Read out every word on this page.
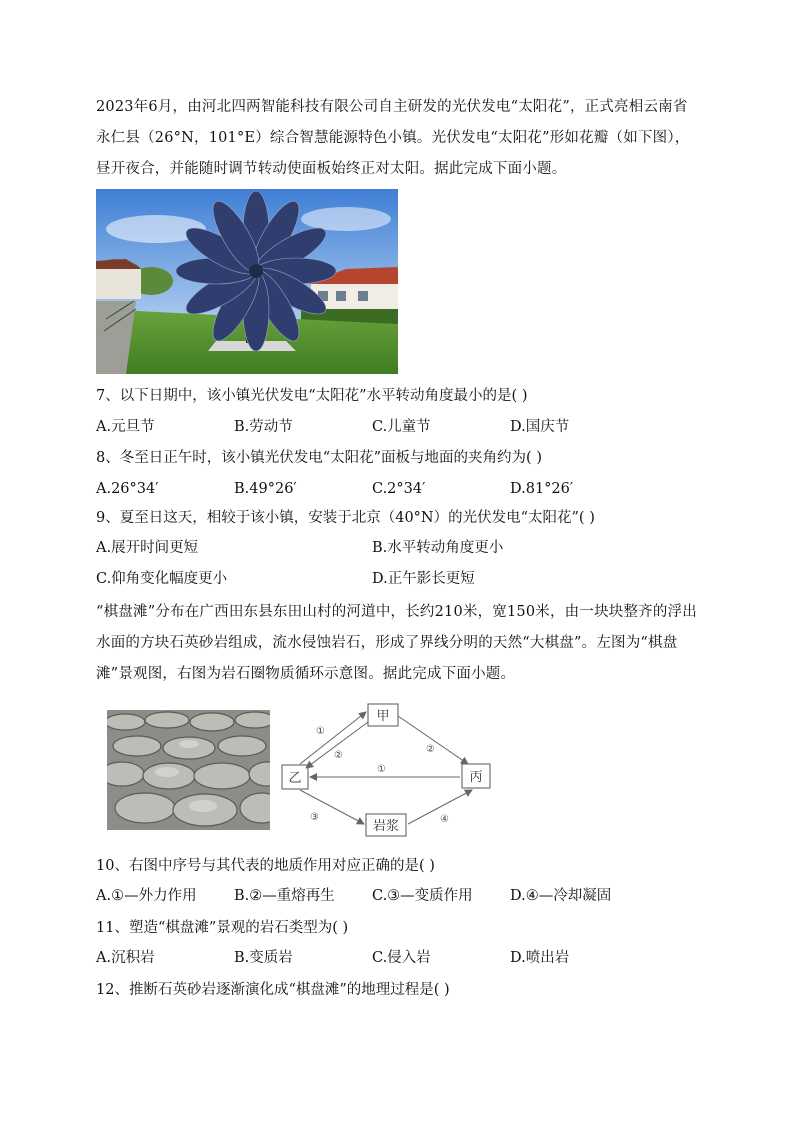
2023年6月，由河北四两智能科技有限公司自主研发的光伏发电“太阳花”，正式亮相云南省永仁县（26°N，101°E）综合智慧能源特色小镇。光伏发电“太阳花”形如花瓣（如下图），昼开夜合，并能随时调节转动使面板始终正对太阳。据此完成下面小题。
7、以下日期中，该小镇光伏发电“太阳花”水平转动角度最小的是( )
A.元旦节	B.劳动节	C.儿童节	D.国庆节
8、冬至日正午时，该小镇光伏发电“太阳花”面板与地面的夹角约为( )
A.26°34′	B.49°26′	C.2°34′	D.81°26′
9、夏至日这天，相较于该小镇，安装于北京（40°N）的光伏发电“太阳花”( )
A.展开时间更短	B.水平转动角度更小
C.仰角变化幅度更小	D.正午影长更短
“棋盘滩”分布在广西田东县东田山村的河道中，长约210米，宽150米，由一块块整齐的浮出水面的方块石英砂岩组成，流水侵蚀岩石，形成了界线分明的天然“大棋盘”。左图为“棋盘滩”景观图，右图为岩石圈物质循环示意图。据此完成下面小题。
甲
乙	丙
岩浆
①
②
②
①
③	④
10、右图中序号与其代表的地质作用对应正确的是( )
A.①—外力作用	B.②—重熔再生	C.③—变质作用	D.④—冷却凝固
11、塑造“棋盘滩”景观的岩石类型为( )
A.沉积岩	B.变质岩	C.侵入岩	D.喷出岩
12、推断石英砂岩逐渐演化成“棋盘滩”的地理过程是( )
